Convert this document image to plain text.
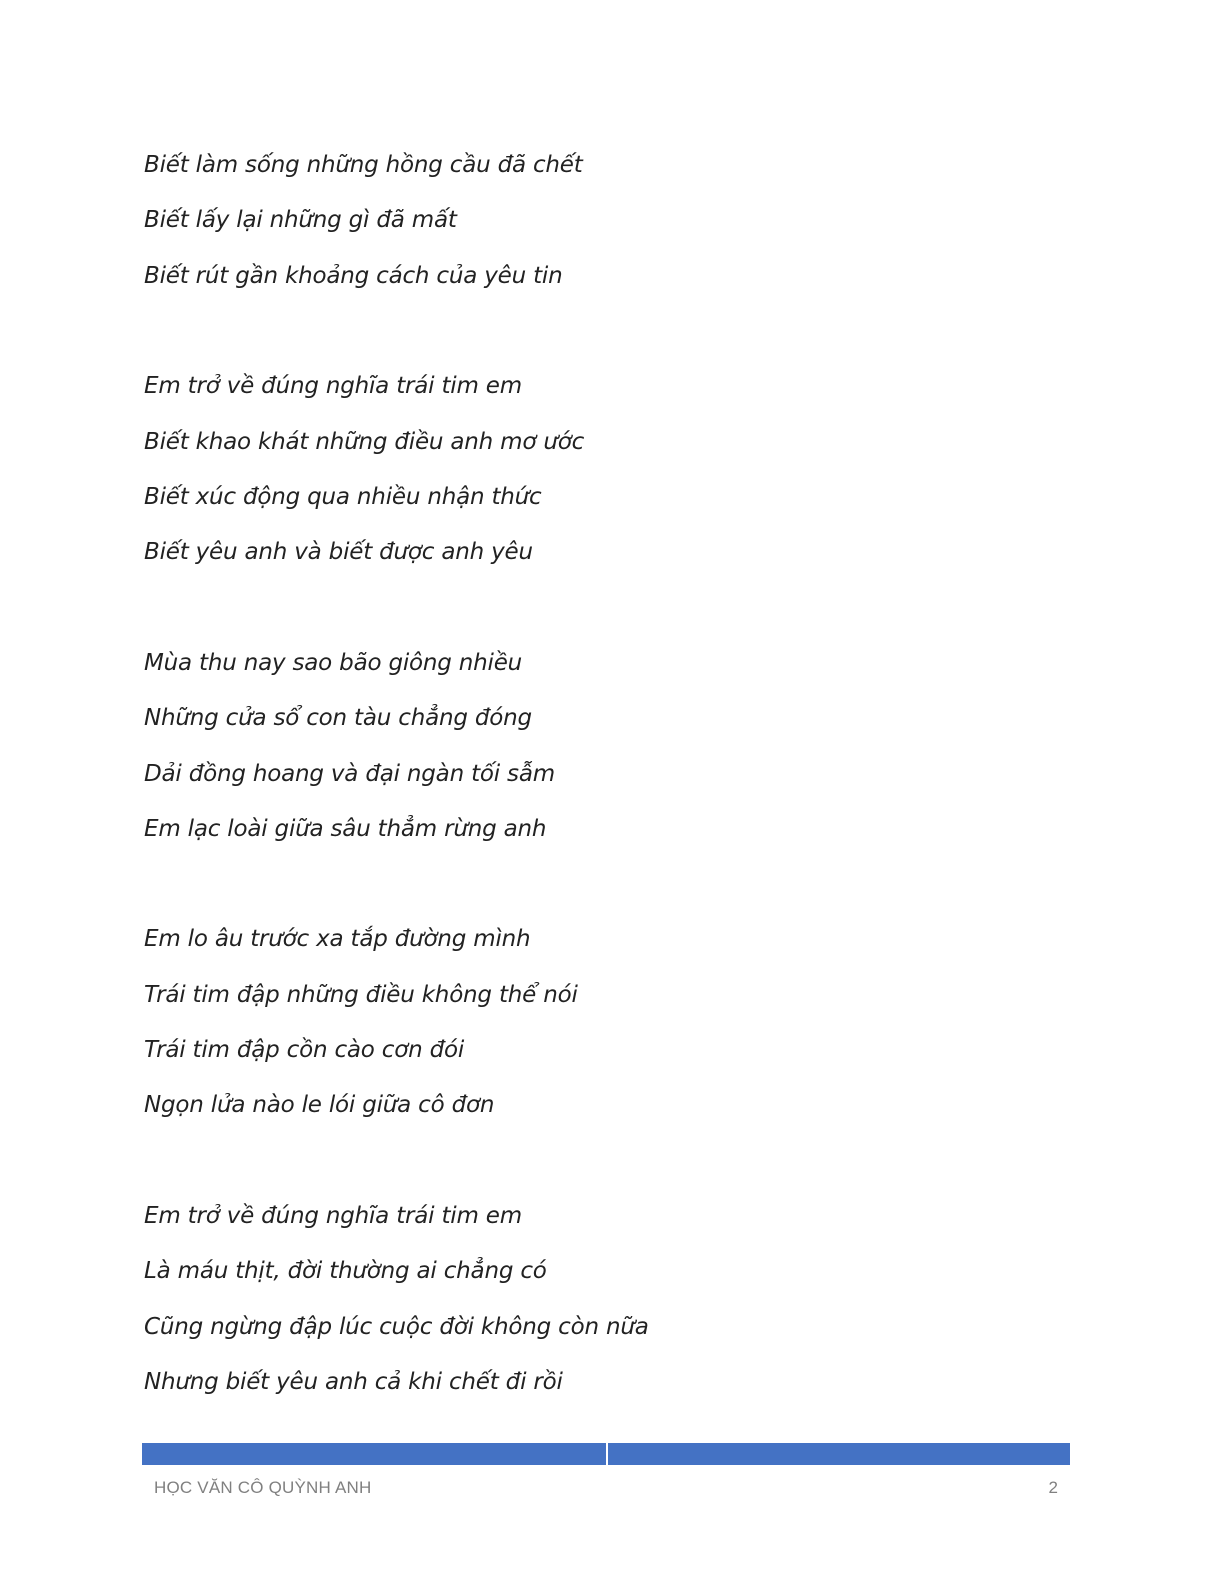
Biết làm sống những hồng cầu đã chết
Biết lấy lại những gì đã mất
Biết rút gần khoảng cách của yêu tin
Em trở về đúng nghĩa trái tim em
Biết khao khát những điều anh mơ ước
Biết xúc động qua nhiều nhận thức
Biết yêu anh và biết được anh yêu
Mùa thu nay sao bão giông nhiều
Những cửa sổ con tàu chẳng đóng
Dải đồng hoang và đại ngàn tối sẫm
Em lạc loài giữa sâu thẳm rừng anh
Em lo âu trước xa tắp đường mình
Trái tim đập những điều không thể nói
Trái tim đập cồn cào cơn đói
Ngọn lửa nào le lói giữa cô đơn
Em trở về đúng nghĩa trái tim em
Là máu thịt, đời thường ai chẳng có
Cũng ngừng đập lúc cuộc đời không còn nữa
Nhưng biết yêu anh cả khi chết đi rồi
HỌC VĂN CÔ QUỲNH ANH	2
